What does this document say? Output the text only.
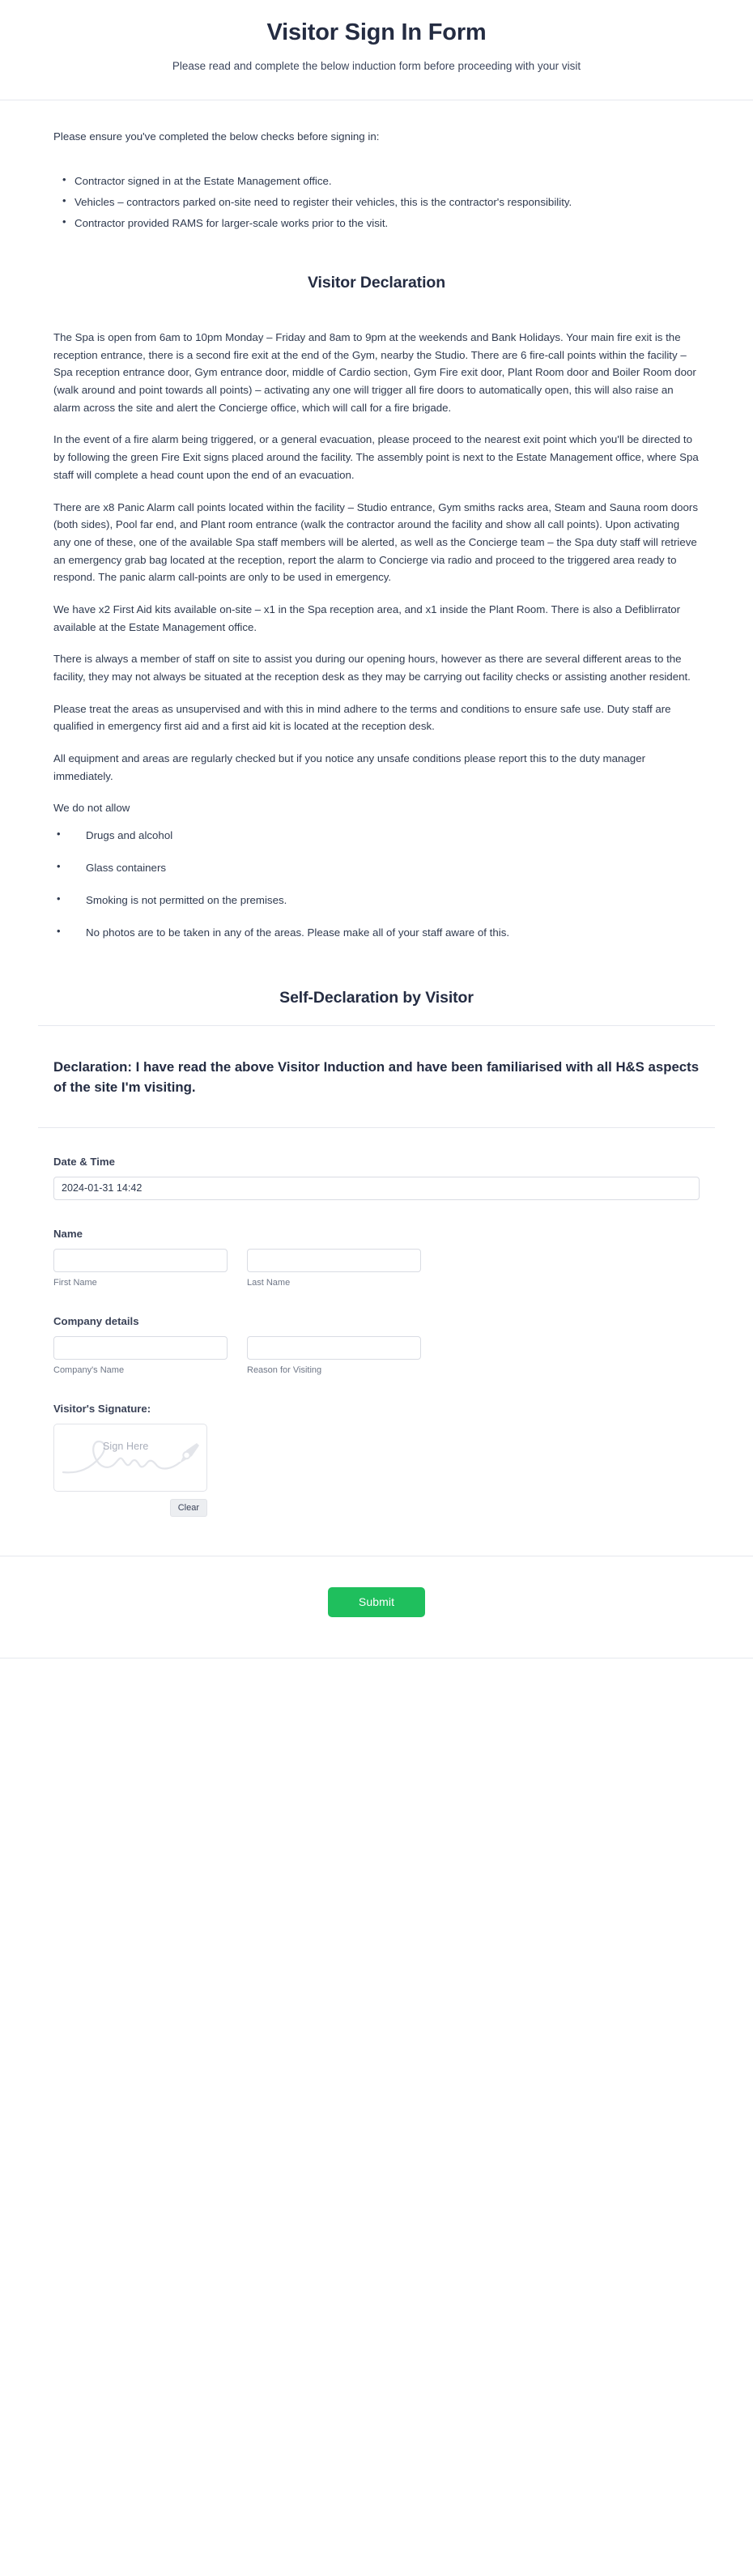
Visitor Sign In Form

Please read and complete the below induction form before proceeding with your visit

Please ensure you've completed the below checks before signing in:

• Contractor signed in at the Estate Management office.
• Vehicles – contractors parked on-site need to register their vehicles, this is the contractor's responsibility.
• Contractor provided RAMS for larger-scale works prior to the visit.
Visitor Declaration

The Spa is open from 6am to 10pm Monday – Friday and 8am to 9pm at the weekends and Bank Holidays. Your main fire exit is the reception entrance, there is a second fire exit at the end of the Gym, nearby the Studio. There are 6 fire-call points within the facility – Spa reception entrance door, Gym entrance door, middle of Cardio section, Gym Fire exit door, Plant Room door and Boiler Room door (walk around and point towards all points) – activating any one will trigger all fire doors to automatically open, this will also raise an alarm across the site and alert the Concierge office, which will call for a fire brigade.

In the event of a fire alarm being triggered, or a general evacuation, please proceed to the nearest exit point which you'll be directed to by following the green Fire Exit signs placed around the facility. The assembly point is next to the Estate Management office, where Spa staff will complete a head count upon the end of an evacuation.

There are x8 Panic Alarm call points located within the facility – Studio entrance, Gym smiths racks area, Steam and Sauna room doors (both sides), Pool far end, and Plant room entrance (walk the contractor around the facility and show all call points). Upon activating any one of these, one of the available Spa staff members will be alerted, as well as the Concierge team – the Spa duty staff will retrieve an emergency grab bag located at the reception, report the alarm to Concierge via radio and proceed to the triggered area ready to respond. The panic alarm call-points are only to be used in emergency.

We have x2 First Aid kits available on-site – x1 in the Spa reception area, and x1 inside the Plant Room. There is also a Defiblirrator available at the Estate Management office.

There is always a member of staff on site to assist you during our opening hours, however as there are several different areas to the facility, they may not always be situated at the reception desk as they may be carrying out facility checks or assisting another resident.

Please treat the areas as unsupervised and with this in mind adhere to the terms and conditions to ensure safe use. Duty staff are qualified in emergency first aid and a first aid kit is located at the reception desk.

All equipment and areas are regularly checked but if you notice any unsafe conditions please report this to the duty manager immediately.

We do not allow

• Drugs and alcohol
• Glass containers
• Smoking is not permitted on the premises.
• No photos are to be taken in any of the areas. Please make all of your staff aware of this.
Self-Declaration by Visitor

Declaration: I have read the above Visitor Induction and have been familiarised with all H&S aspects of the site I'm visiting.

Date & Time
2024-01-31 14:42
Name
First Name	Last Name
Company details
Company's Name	Reason for Visiting
Visitor's Signature:
Sign Here
Clear
Submit
